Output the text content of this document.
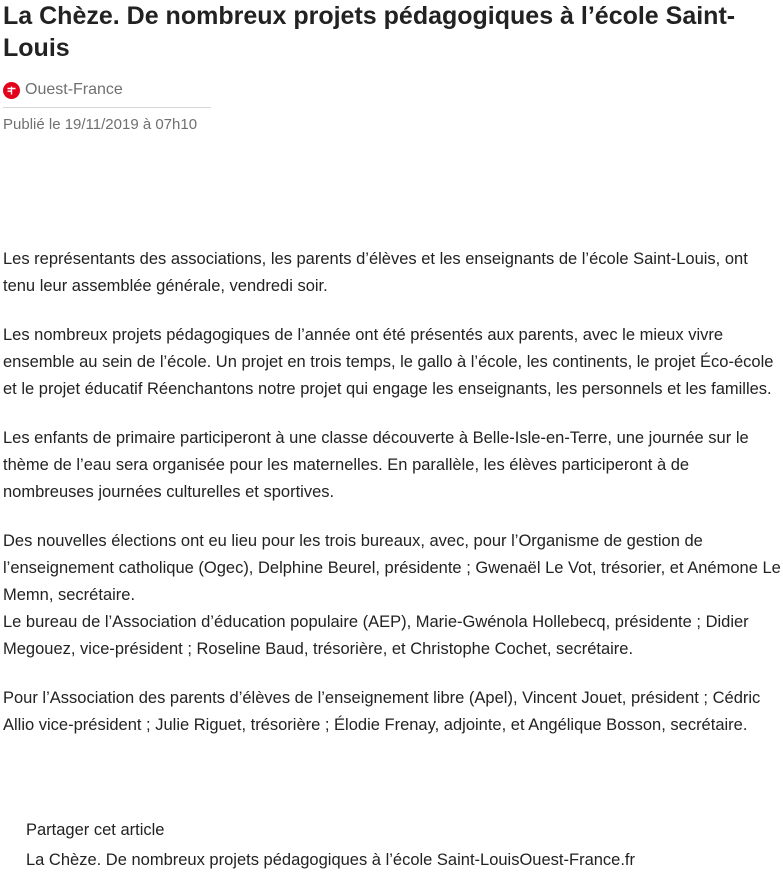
La Chèze. De nombreux projets pédagogiques à l’école Saint-Louis
Ouest-France

Publié le 19/11/2019 à 07h10

Les représentants des associations, les parents d’élèves et les enseignants de l’école Saint-Louis, ont tenu leur assemblée générale, vendredi soir.

Les nombreux projets pédagogiques de l’année ont été présentés aux parents, avec le mieux vivre ensemble au sein de l’école. Un projet en trois temps, le gallo à l’école, les continents, le projet Éco-école et le projet éducatif Réenchantons notre projet qui engage les enseignants, les personnels et les familles.

Les enfants de primaire participeront à une classe découverte à Belle-Isle-en-Terre, une journée sur le thème de l’eau sera organisée pour les maternelles. En parallèle, les élèves participeront à de nombreuses journées culturelles et sportives.

Des nouvelles élections ont eu lieu pour les trois bureaux, avec, pour l’Organisme de gestion de l’enseignement catholique (Ogec), Delphine Beurel, présidente ; Gwenaël Le Vot, trésorier, et Anémone Le Memn, secrétaire.

Le bureau de l’Association d’éducation populaire (AEP), Marie-Gwénola Hollebecq, présidente ; Didier Megouez, vice-président ; Roseline Baud, trésorière, et Christophe Cochet, secrétaire.

Pour l’Association des parents d’élèves de l’enseignement libre (Apel), Vincent Jouet, président ; Cédric Allio vice-président ; Julie Riguet, trésorière ; Élodie Frenay, adjointe, et Angélique Bosson, secrétaire.

Partager cet article
La Chèze. De nombreux projets pédagogiques à l’école Saint-LouisOuest-France.fr
